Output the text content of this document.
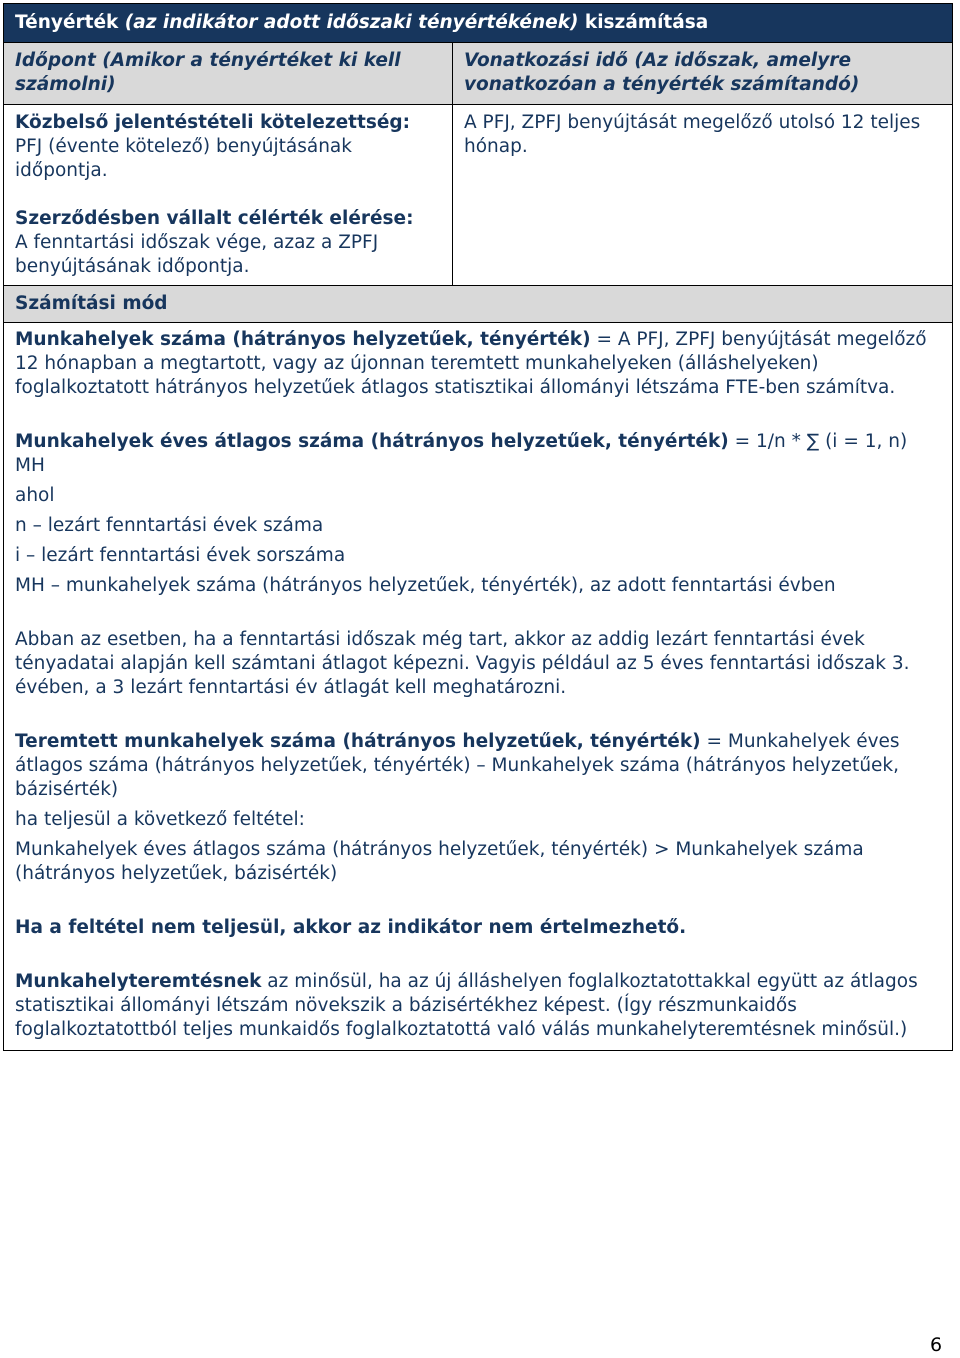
Tényérték (az indikátor adott időszaki tényértékének) kiszámítása
Időpont (Amikor a tényértéket ki kell számolni)
Közbelső jelentéstételi kötelezettség:
PFJ (évente kötelező) benyújtásának időpontja.
Szerződésben vállalt célérték elérése:
A fenntartási időszak vége, azaz a ZPFJ benyújtásának időpontja.
Vonatkozási idő (Az időszak, amelyre vonatkozóan a tényérték számítandó)
A PFJ, ZPFJ benyújtását megelőző utolsó 12 teljes hónap.
Számítási mód

Munkahelyek száma (hátrányos helyzetűek, tényérték) = A PFJ, ZPFJ benyújtását megelőző 12 hónapban a megtartott, vagy az újonnan teremtett munkahelyeken (álláshelyeken) foglalkoztatott hátrányos helyzetűek átlagos statisztikai állományi létszáma FTE-ben számítva.

Munkahelyek éves átlagos száma (hátrányos helyzetűek, tényérték) = 1/n * ∑ (i = 1, n) MH

ahol

n – lezárt fenntartási évek száma

i – lezárt fenntartási évek sorszáma

MH – munkahelyek száma (hátrányos helyzetűek, tényérték), az adott fenntartási évben

Abban az esetben, ha a fenntartási időszak még tart, akkor az addig lezárt fenntartási évek tényadatai alapján kell számtani átlagot képezni. Vagyis például az 5 éves fenntartási időszak 3. évében, a 3 lezárt fenntartási év átlagát kell meghatározni.

Teremtett munkahelyek száma (hátrányos helyzetűek, tényérték) = Munkahelyek éves átlagos száma (hátrányos helyzetűek, tényérték) – Munkahelyek száma (hátrányos helyzetűek, bázisérték)

ha teljesül a következő feltétel:

Munkahelyek éves átlagos száma (hátrányos helyzetűek, tényérték) > Munkahelyek száma (hátrányos helyzetűek, bázisérték)

Ha a feltétel nem teljesül, akkor az indikátor nem értelmezhető.

Munkahelyteremtésnek az minősül, ha az új álláshelyen foglalkoztatottakkal együtt az átlagos statisztikai állományi létszám növekszik a bázisértékhez képest. (Így részmunkaidős foglalkoztatottból teljes munkaidős foglalkoztatottá való válás munkahelyteremtésnek minősül.)

6
